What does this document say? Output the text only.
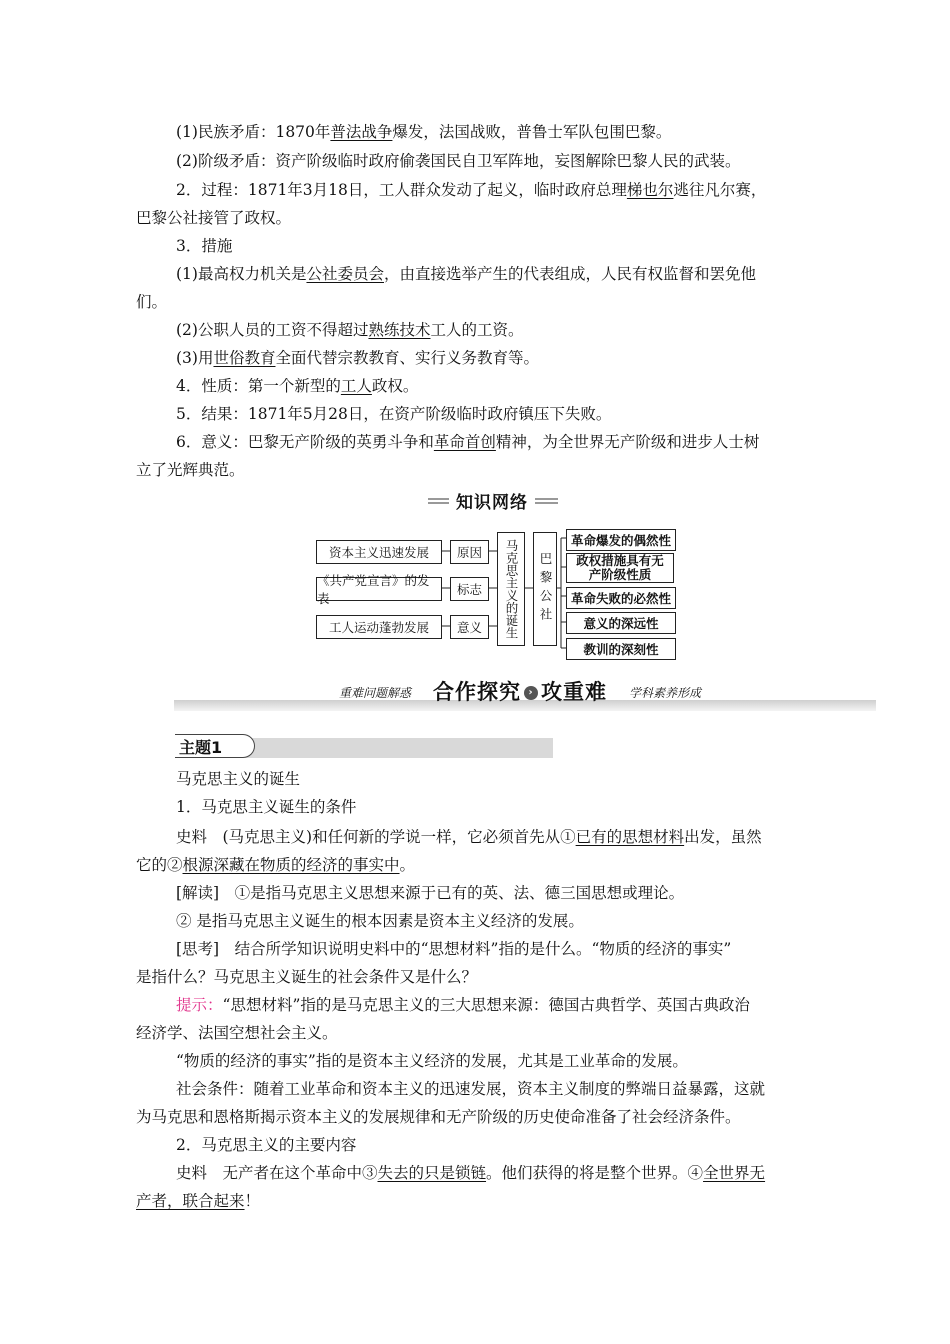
(1)民族矛盾：1870年普法战争爆发，法国战败，普鲁士军队包围巴黎。
(2)阶级矛盾：资产阶级临时政府偷袭国民自卫军阵地，妄图解除巴黎人民的武装。
2．过程：1871年3月18日，工人群众发动了起义，临时政府总理梯也尔逃往凡尔赛，
巴黎公社接管了政权。
3．措施
(1)最高权力机关是公社委员会，由直接选举产生的代表组成，人民有权监督和罢免他
们。
(2)公职人员的工资不得超过熟练技术工人的工资。
(3)用世俗教育全面代替宗教教育、实行义务教育等。
4．性质：第一个新型的工人政权。
5．结果：1871年5月28日，在资产阶级临时政府镇压下失败。
6．意义：巴黎无产阶级的英勇斗争和革命首创精神，为全世界无产阶级和进步人士树
立了光辉典范。
知识网络
资本主义迅速发展
《共产党宣言》的发表
工人运动蓬勃发展
原因
标志
意义	马克思主义的诞生 巴黎公社
革命爆发的偶然性
政权措施具有无产阶级性质
革命失败的必然性
意义的深远性
教训的深刻性
重难问题解惑 合作探究 › 攻重难 学科素养形成
主题1
马克思主义的诞生
1．马克思主义诞生的条件
史料　(马克思主义)和任何新的学说一样，它必须首先从①已有的思想材料出发，虽然
它的②根源深藏在物质的经济的事实中。
[解读]　①是指马克思主义思想来源于已有的英、法、德三国思想或理论。
② 是指马克思主义诞生的根本因素是资本主义经济的发展。
[思考]　结合所学知识说明史料中的“思想材料”指的是什么。“物质的经济的事实”
是指什么？马克思主义诞生的社会条件又是什么？
提示：“思想材料”指的是马克思主义的三大思想来源：德国古典哲学、英国古典政治
经济学、法国空想社会主义。
“物质的经济的事实”指的是资本主义经济的发展，尤其是工业革命的发展。
社会条件：随着工业革命和资本主义的迅速发展，资本主义制度的弊端日益暴露，这就
为马克思和恩格斯揭示资本主义的发展规律和无产阶级的历史使命准备了社会经济条件。
2．马克思主义的主要内容
史料　无产者在这个革命中③失去的只是锁链。他们获得的将是整个世界。④全世界无
产者，联合起来！
